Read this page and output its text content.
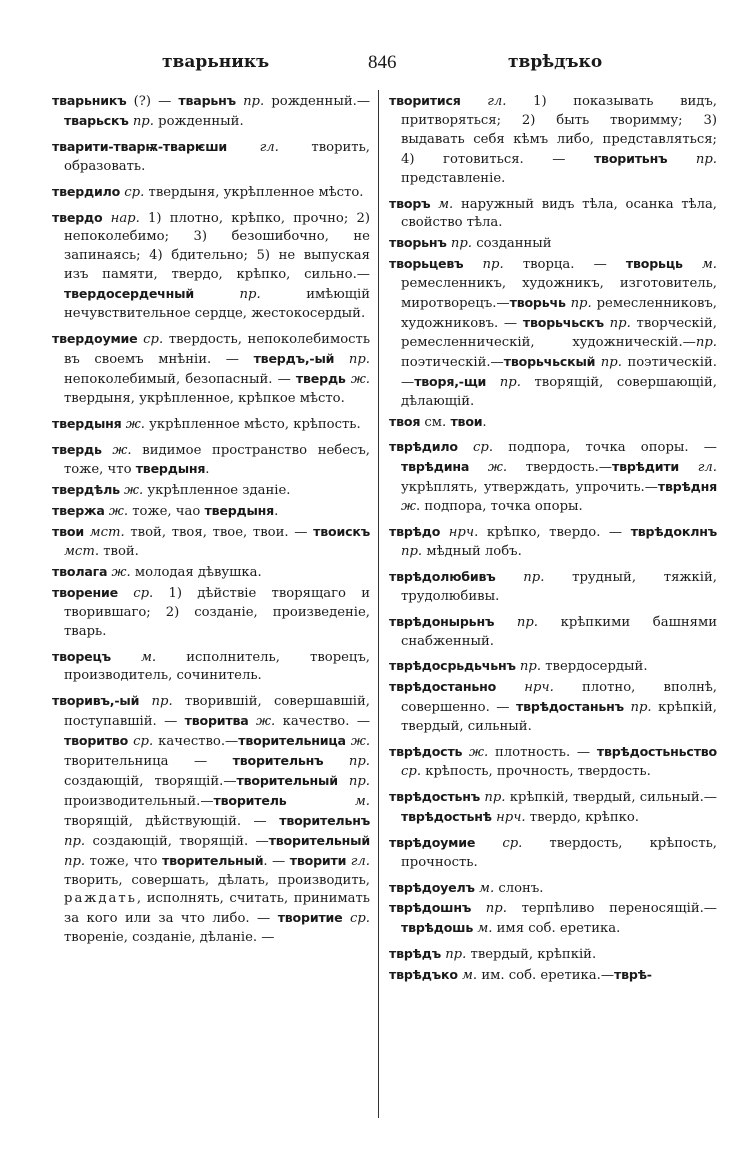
тварьникъ	846	тврѣдъко

тварьникъ (?) — тварьнъ пр. рожденный.—тварьскъ пр. рожденный.

тварити-тварѭ-тварѥши гл. творить, образовать.

твердило ср. твердыня, укрѣпленное мѣсто.

твердо нар. 1) плотно, крѣпко, прочно; 2) непоколебимо; 3) безошибочно, не запинаясь; 4) бдительно; 5) не выпуская изъ памяти, твердо, крѣпко, сильно.—твердосердечный пр. имѣющій нечувствительное сердце, жестокосердый.

твердоумие ср. твердость, непоколебимость въ своемъ мнѣніи. — твердъ,-ый пр. непоколебимый, безопасный. — твердь ж. твердыня, укрѣпленное, крѣпкое мѣсто.

твердыня ж. укрѣпленное мѣсто, крѣпость.

твердь ж. видимое пространство небесъ, тоже, что твердыня.

твердѣль ж. укрѣпленное зданіе.

твержа ж. тоже, чао твердыня.

твои мст. твой, твоя, твое, твои. — твоискъ мст. твой.

тволага ж. молодая дѣвушка.

творение ср. 1) дѣйствіе творящаго и творившаго; 2) созданіе, произведеніе, тварь.

творецъ м. исполнитель, творецъ, производитель, сочинитель.

творивъ,-ый пр. творившій, совершавшій, поступавшій. — творитва ж. качество. — творитво ср. качество.—творительница ж. творительница — творительнъ пр. создающій, творящій.—творительный пр. производительный.—творитель м. творящій, дѣйствующій. — творительнъ пр. создающій, творящій. —творительный пр. тоже, что творительный. — творити гл. творить, совершать, дѣлать, производить, раждать, исполнять, считать, принимать за кого или за что либо. — творитие ср. твореніе, созданіе, дѣланіе. —

творитися гл. 1) показывать видъ, притворяться; 2) быть творимму; 3) выдавать себя кѣмъ либо, представляться; 4) готовиться. — творитьнъ пр. представленіе.

творъ м. наружный видъ тѣла, осанка тѣла, свойство тѣла.

творьнъ пр. созданный

творьцевъ пр. творца. — творьць м. ремесленникъ, художникъ, изготовитель, миротворецъ.—творьчь пр. ремесленниковъ, художниковъ. — творьчьскъ пр. творческій, ремесленническій, художническій.—пр. поэтическій.—творьчьскый пр. поэтическій.—творя,-щи пр. творящій, совершающій, дѣлающій.

твоя см. твои.

тврѣдило ср. подпора, точка опоры. —тврѣдина ж. твердость.—тврѣдити гл. укрѣплять, утверждать, упрочить.—тврѣдня ж. подпора, точка опоры.

тврѣдо нрч. крѣпко, твердо. — тврѣдоклнъ пр. мѣдный лобъ.

тврѣдолюбивъ пр. трудный, тяжкій, трудолюбивы.

тврѣдонырьнъ пр. крѣпкими башнями снабженный.

тврѣдосрьдьчьнъ пр. твердосердый.

тврѣдостаньно нрч. плотно, вполнѣ, совершенно. — тврѣдостаньнъ пр. крѣпкій, твердый, сильный.

тврѣдость ж. плотность. — тврѣдостьньство ср. крѣпость, прочность, твердость.

тврѣдостьнъ пр. крѣпкій, твердый, сильный.—тврѣдостьнѣ нрч. твердо, крѣпко.

тврѣдоумие ср. твердость, крѣпость, прочность.

тврѣдоуелъ м. слонъ.

тврѣдошнъ пр. терпѣливо переносящій.—тврѣдошь м. имя соб. еретика.

тврѣдъ пр. твердый, крѣпкій.

тврѣдъко м. им. соб. еретика.—тврѣ-
